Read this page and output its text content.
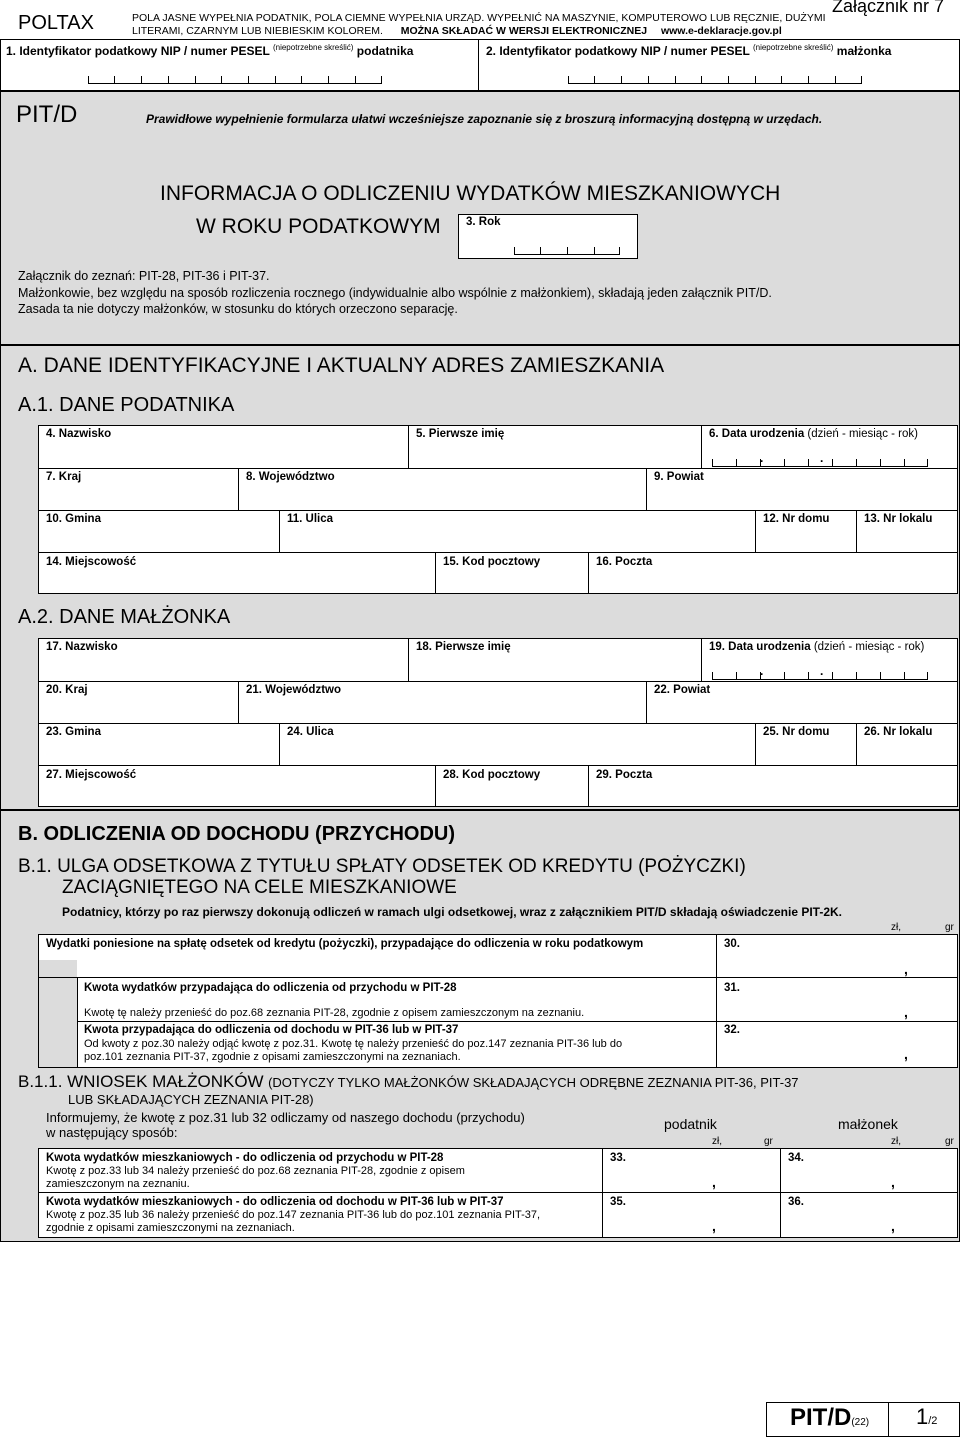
POLTAX
Załącznik nr 7
POLA JASNE WYPEŁNIA PODATNIK, POLA CIEMNE WYPEŁNIA URZĄD. WYPEŁNIĆ NA MASZYNIE, KOMPUTEROWO LUB RĘCZNIE, DUŻYMI
LITERAMI, CZARNYM LUB NIEBIESKIM KOLOREM. MOŻNA SKŁADAĆ W WERSJI ELEKTRONICZNEJ www.e-deklaracje.gov.pl
1. Identyfikator podatkowy NIP / numer PESEL $^{(niepotrzebne skreślić)}$ podatnika	2. Identyfikator podatkowy NIP / numer PESEL $^{(niepotrzebne skreślić)}$ małżonka
PIT/D	Prawidłowe wypełnienie formularza ułatwi wcześniejsze zapoznanie się z broszurą informacyjną dostępną w urzędach.
INFORMACJA O ODLICZENIU WYDATKÓW MIESZKANIOWYCH
W ROKU PODATKOWYM 3. Rok
Załącznik do zeznań: PIT-28, PIT-36 i PIT-37.
Małżonkowie, bez względu na sposób rozliczenia rocznego (indywidualnie albo wspólnie z małżonkiem), składają jeden załącznik PIT/D.
Zasada ta nie dotyczy małżonków, w stosunku do których orzeczono separację.
A. DANE IDENTYFIKACYJNE I AKTUALNY ADRES ZAMIESZKANIA
A.1. DANE PODATNIKA
4. Nazwisko	5. Pierwsze imię	6. Data urodzenia (dzień - miesiąc - rok)
.	.
7. Kraj	8. Województwo	9. Powiat
10. Gmina	11. Ulica	12. Nr domu	13. Nr lokalu
14. Miejscowość	15. Kod pocztowy	16. Poczta
A.2. DANE MAŁŻONKA
17. Nazwisko	18. Pierwsze imię	19. Data urodzenia (dzień - miesiąc - rok)
.	.
20. Kraj	21. Województwo	22. Powiat
23. Gmina	24. Ulica	25. Nr domu	26. Nr lokalu
27. Miejscowość	28. Kod pocztowy	29. Poczta
B. ODLICZENIA OD DOCHODU (PRZYCHODU)
B.1. ULGA ODSETKOWA Z TYTUŁU SPŁATY ODSETEK OD KREDYTU (POŻYCZKI)
ZACIĄGNIĘTEGO NA CELE MIESZKANIOWE
Podatnicy, którzy po raz pierwszy dokonują odliczeń w ramach ulgi odsetkowej, wraz z załącznikiem PIT/D składają oświadczenie PIT-2K.
zł,	gr
Wydatki poniesione na spłatę odsetek od kredytu (pożyczki), przypadające do odliczenia w roku podatkowym	30.
,
Kwota wydatków przypadająca do odliczenia od przychodu w PIT-28	31.
Kwotę tę należy przenieść do poz.68 zeznania PIT-28, zgodnie z opisem zamieszczonym na zeznaniu.	,
Kwota przypadająca do odliczenia od dochodu w PIT-36 lub w PIT-37	32.
Od kwoty z poz.30 należy odjąć kwotę z poz.31. Kwotę tę należy przenieść do poz.147 zeznania PIT-36 lub do
poz.101 zeznania PIT-37, zgodnie z opisami zamieszczonymi na zeznaniach.	,
B.1.1. WNIOSEK MAŁŻONKÓW (DOTYCZY TYLKO MAŁŻONKÓW SKŁADAJĄCYCH ODRĘBNE ZEZNANIA PIT-36, PIT-37
LUB SKŁADAJĄCYCH ZEZNANIA PIT-28)
Informujemy, że kwotę z poz.31 lub 32 odliczamy od naszego dochodu (przychodu)
w następujący sposób:
podatnik	małżonek
zł,	gr	zł,	gr
Kwota wydatków mieszkaniowych - do odliczenia od przychodu w PIT-28
Kwotę z poz.33 lub 34 należy przenieść do poz.68 zeznania PIT-28, zgodnie z opisem
zamieszczonym na zeznaniu.
33.	34.
,	,
Kwota wydatków mieszkaniowych - do odliczenia od dochodu w PIT-36 lub w PIT-37
Kwotę z poz.35 lub 36 należy przenieść do poz.147 zeznania PIT-36 lub do poz.101 zeznania PIT-37,
zgodnie z opisami zamieszczonymi na zeznaniach.
35.	36.
,	,
PIT/D(22) 1/2
